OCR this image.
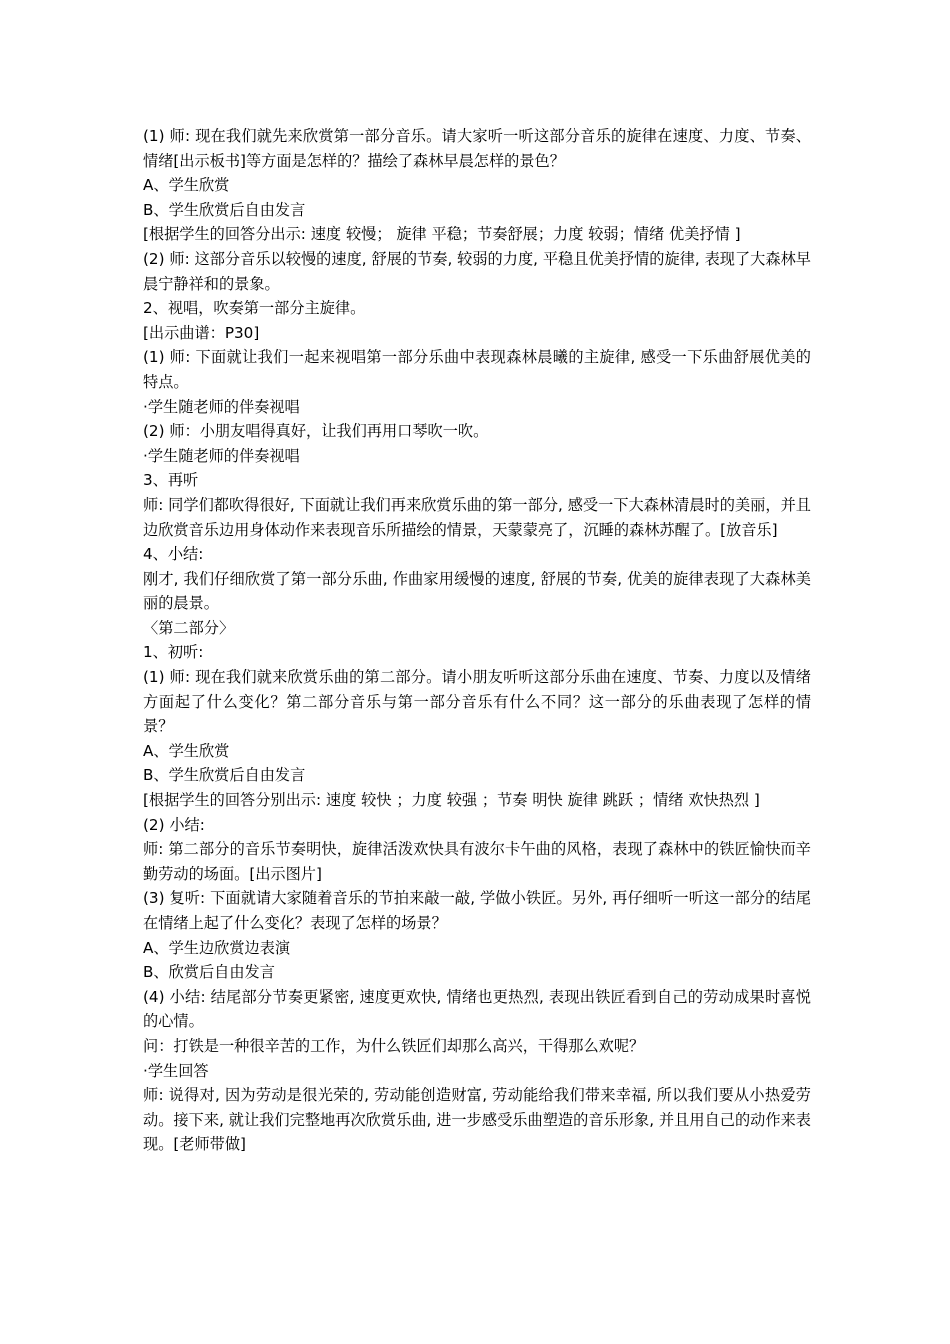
(1) 师: 现在我们就先来欣赏第一部分音乐。请大家听一听这部分音乐的旋律在速度、力度、节奏、情绪[出示板书]等方面是怎样的？描绘了森林早晨怎样的景色？

A、学生欣赏

B、学生欣赏后自由发言

[根据学生的回答分出示: 速度 较慢； 旋律 平稳；节奏舒展；力度 较弱；情绪 优美抒情 ]

(2) 师: 这部分音乐以较慢的速度, 舒展的节奏, 较弱的力度, 平稳且优美抒情的旋律, 表现了大森林早晨宁静祥和的景象。

2、视唱，吹奏第一部分主旋律。

[出示曲谱：P30]

(1) 师: 下面就让我们一起来视唱第一部分乐曲中表现森林晨曦的主旋律, 感受一下乐曲舒展优美的特点。

·学生随老师的伴奏视唱

(2) 师：小朋友唱得真好，让我们再用口琴吹一吹。

·学生随老师的伴奏视唱

3、再听

师: 同学们都吹得很好, 下面就让我们再来欣赏乐曲的第一部分, 感受一下大森林清晨时的美丽，并且边欣赏音乐边用身体动作来表现音乐所描绘的情景，天蒙蒙亮了，沉睡的森林苏醒了。[放音乐]

4、小结:

刚才, 我们仔细欣赏了第一部分乐曲, 作曲家用缓慢的速度, 舒展的节奏, 优美的旋律表现了大森林美丽的晨景。

〈第二部分〉

1、初听:

(1) 师: 现在我们就来欣赏乐曲的第二部分。请小朋友听听这部分乐曲在速度、节奏、力度以及情绪方面起了什么变化？第二部分音乐与第一部分音乐有什么不同？这一部分的乐曲表现了怎样的情景？

A、学生欣赏

B、学生欣赏后自由发言

[根据学生的回答分别出示: 速度 较快 ；力度 较强 ；节奏 明快 旋律 跳跃 ；情绪 欢快热烈 ]

(2) 小结:

师: 第二部分的音乐节奏明快，旋律活泼欢快具有波尔卡午曲的风格，表现了森林中的铁匠愉快而辛勤劳动的场面。[出示图片]

(3) 复听: 下面就请大家随着音乐的节拍来敲一敲, 学做小铁匠。另外, 再仔细听一听这一部分的结尾在情绪上起了什么变化？表现了怎样的场景？

A、学生边欣赏边表演

B、欣赏后自由发言

(4) 小结: 结尾部分节奏更紧密, 速度更欢快, 情绪也更热烈, 表现出铁匠看到自己的劳动成果时喜悦的心情。

问：打铁是一种很辛苦的工作，为什么铁匠们却那么高兴，干得那么欢呢？

·学生回答

师: 说得对, 因为劳动是很光荣的, 劳动能创造财富, 劳动能给我们带来幸福, 所以我们要从小热爱劳动。接下来, 就让我们完整地再次欣赏乐曲, 进一步感受乐曲塑造的音乐形象, 并且用自己的动作来表现。[老师带做]
